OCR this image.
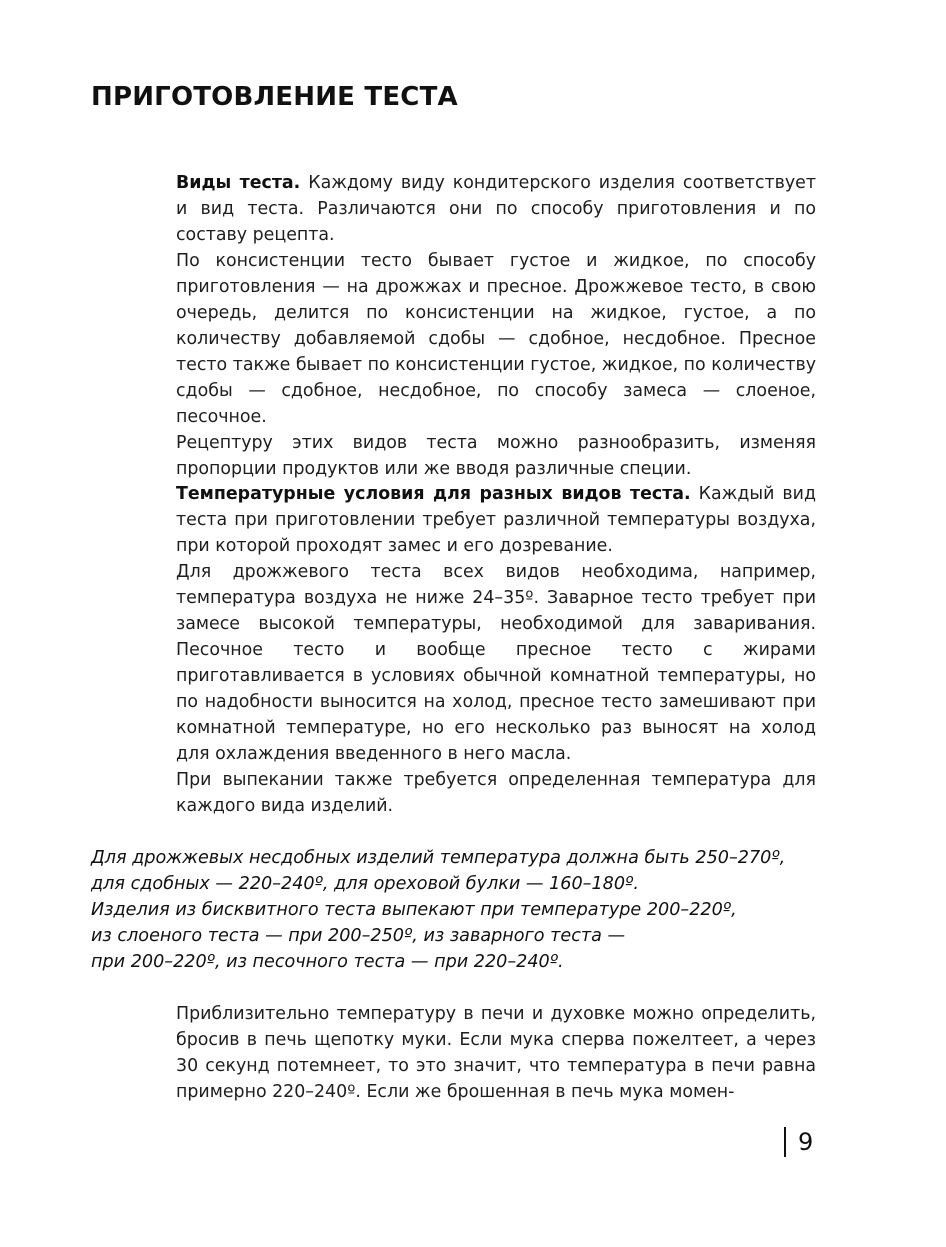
ПРИГОТОВЛЕНИЕ ТЕСТА

Виды теста. Каждому виду кондитерского изделия соответствует и вид теста. Различаются они по способу приготовления и по составу рецепта.

По консистенции тесто бывает густое и жидкое, по способу приготовления — на дрожжах и пресное. Дрожжевое тесто, в свою очередь, делится по консистенции на жидкое, густое, а по количеству добавляемой сдобы — сдобное, несдобное. Пресное тесто также бывает по консистенции густое, жидкое, по количеству сдобы — сдобное, несдобное, по способу замеса — слоеное, песочное.

Рецептуру этих видов теста можно разнообразить, изменяя пропорции продуктов или же вводя различные специи.

Температурные условия для разных видов теста. Каждый вид теста при приготовлении требует различной температуры воздуха, при которой проходят замес и его дозревание.

Для дрожжевого теста всех видов необходима, например, температура воздуха не ниже 24–35º. Заварное тесто требует при замесе высокой температуры, необходимой для заваривания. Песочное тесто и вообще пресное тесто с жирами приготавливается в условиях обычной комнатной температуры, но по надобности выносится на холод, пресное тесто замешивают при комнатной температуре, но его несколько раз выносят на холод для охлаждения введенного в него масла.

При выпекании также требуется определенная температура для каждого вида изделий.

Для дрожжевых несдобных изделий температура должна быть 250–270º,
для сдобных — 220–240º, для ореховой булки — 160–180º.
Изделия из бисквитного теста выпекают при температуре 200–220º,
из слоеного теста — при 200–250º, из заварного теста —
при 200–220º, из песочного теста — при 220–240º.

Приблизительно температуру в печи и духовке можно определить, бросив в печь щепотку муки. Если мука сперва пожелтеет, а через 30 секунд потемнеет, то это значит, что температура в печи равна примерно 220–240º. Если же брошенная в печь мука момен-

9
